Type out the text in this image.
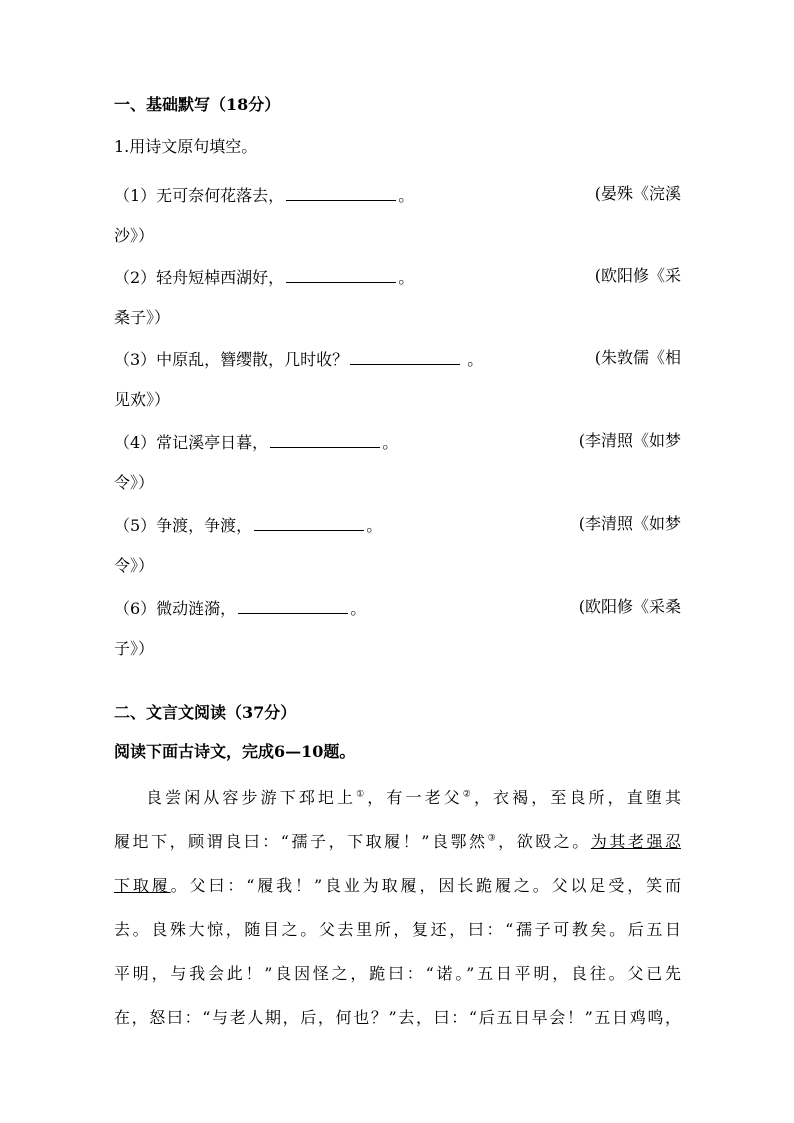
一、基础默写（18分）
1.用诗文原句填空。
（1）无可奈何花落去，	。	(晏殊《浣溪
沙》）
（2）轻舟短棹西湖好，	。	(欧阳修《采
桑子》）
（3）中原乱，簪缨散，几时收？	。	(朱敦儒《相
见欢》）
（4）常记溪亭日暮，	。	(李清照《如梦
令》）
（5）争渡，争渡，	。	(李清照《如梦
令》）
（6）微动涟漪，	。	(欧阳修《采桑
子》）
二、文言文阅读（37分）
阅读下面古诗文，完成6—10题。
良尝闲从容步游下邳圯上①，有一老父②，衣褐，至良所，直堕其
履圯下，顾谓良曰：“孺子，下取履！”良鄂然③，欲殴之。为其老强忍
下取履。父曰：“履我！”良业为取履，因长跪履之。父以足受，笑而
去。良殊大惊，随目之。父去里所，复还，曰：“孺子可教矣。后五日
平明，与我会此！”良因怪之，跪曰：“诺。”五日平明，良往。父已先
在，怒曰：“与老人期，后，何也？”去，曰：“后五日早会！”五日鸡鸣，
